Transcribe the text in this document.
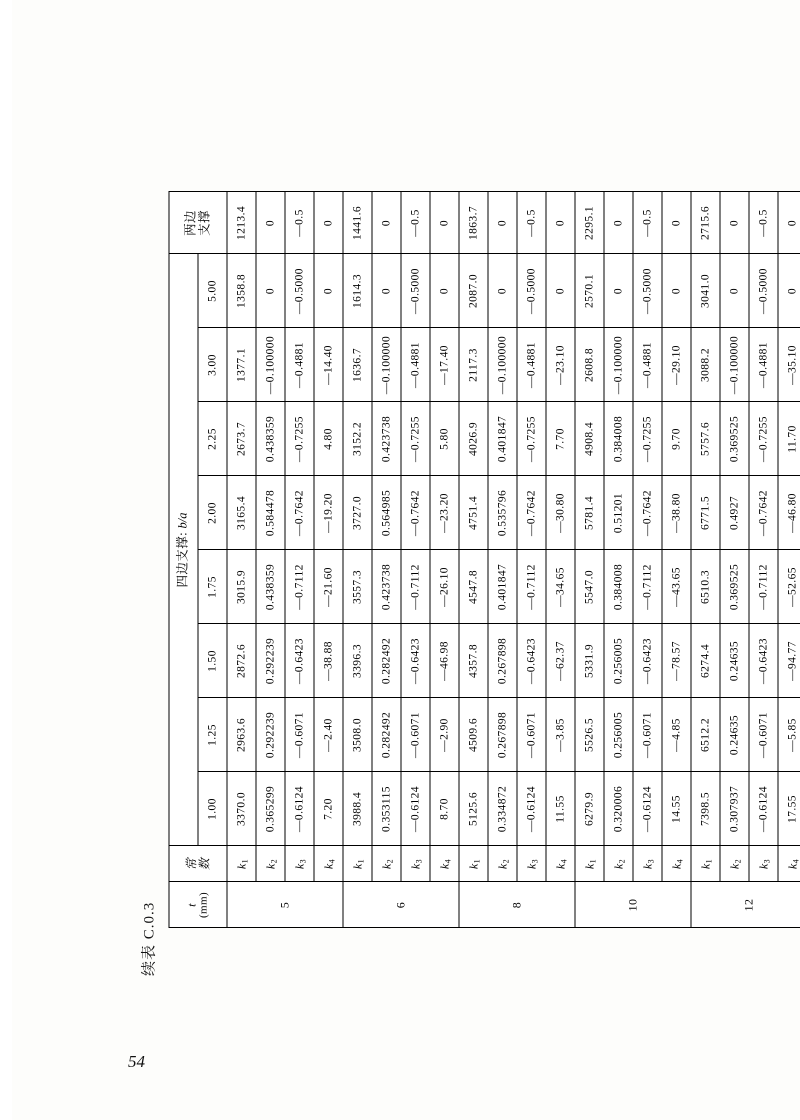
续表 C.0.3 t
(mm)	常
数	四边支撑: b/a								两边 支撑

		1.00	1.25	1.50	1.75	2.00	2.25	3.00	5.00	
5	$k_1$	3370.0	2963.6	2872.6	3015.9	3165.4	2673.7	1377.1	1358.8	1213.4
	$k_2$	0.365299	0.292239	0.292239	0.438359	0.584478	0.438359	—0.100000	0	0
	$k_3$	—0.6124	—0.6071	—0.6423	—0.7112	—0.7642	—0.7255	—0.4881	—0.5000	—0.5
	$k_4$	7.20	—2.40	—38.88	—21.60	—19.20	4.80	—14.40	0	0
6	$k_1$	3988.4	3508.0	3396.3	3557.3	3727.0	3152.2	1636.7	1614.3	1441.6
	$k_2$	0.353115	0.282492	0.282492	0.423738	0.564985	0.423738	—0.100000	0	0
	$k_3$	—0.6124	—0.6071	—0.6423	—0.7112	—0.7642	—0.7255	—0.4881	—0.5000	—0.5
	$k_4$	8.70	—2.90	—46.98	—26.10	—23.20	5.80	—17.40	0	0
8	$k_1$	5125.6	4509.6	4357.8	4547.8	4751.4	4026.9	2117.3	2087.0	1863.7
	$k_2$	0.334872	0.267898	0.267898	0.401847	0.535796	0.401847	—0.100000	0	0
	$k_3$	—0.6124	—0.6071	—0.6423	—0.7112	—0.7642	—0.7255	—0.4881	—0.5000	—0.5
	$k_4$	11.55	—3.85	—62.37	—34.65	—30.80	7.70	—23.10	0	0
10	$k_1$	6279.9	5526.5	5331.9	5547.0	5781.4	4908.4	2608.8	2570.1	2295.1
	$k_2$	0.320006	0.256005	0.256005	0.384008	0.51201	0.384008	—0.100000	0	0
	$k_3$	—0.6124	—0.6071	—0.6423	—0.7112	—0.7642	—0.7255	—0.4881	—0.5000	—0.5
	$k_4$	14.55	—4.85	—78.57	—43.65	—38.80	9.70	—29.10	0	0
12	$k_1$	7398.5	6512.2	6274.4	6510.3	6771.5	5757.6	3088.2	3041.0	2715.6
	$k_2$	0.307937	0.24635	0.24635	0.369525	0.4927	0.369525	—0.100000	0	0
	$k_3$	—0.6124	—0.6071	—0.6423	—0.7112	—0.7642	—0.7255	—0.4881	—0.5000	—0.5
	$k_4$	17.55	—5.85	—94.77	—52.65	—46.80	11.70	—35.10	0	0
54
